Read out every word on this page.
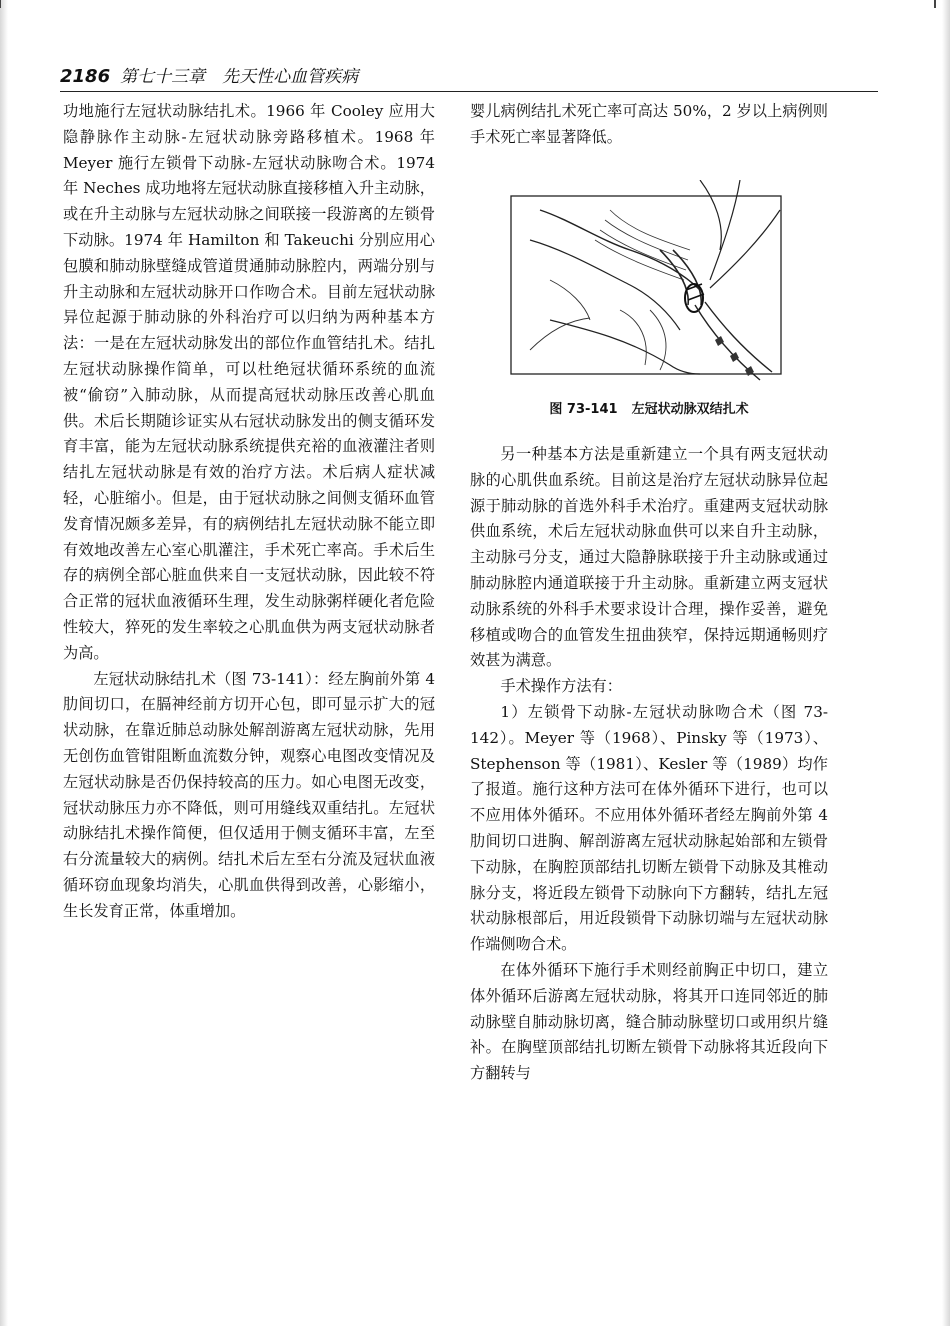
2186 第七十三章　先天性心血管疾病

功地施行左冠状动脉结扎术。1966 年 Cooley 应用大隐静脉作主动脉-左冠状动脉旁路移植术。1968 年 Meyer 施行左锁骨下动脉-左冠状动脉吻合术。1974 年 Neches 成功地将左冠状动脉直接移植入升主动脉，或在升主动脉与左冠状动脉之间联接一段游离的左锁骨下动脉。1974 年 Hamilton 和 Takeuchi 分别应用心包膜和肺动脉壁缝成管道贯通肺动脉腔内，两端分别与升主动脉和左冠状动脉开口作吻合术。目前左冠状动脉异位起源于肺动脉的外科治疗可以归纳为两种基本方法：一是在左冠状动脉发出的部位作血管结扎术。结扎左冠状动脉操作简单，可以杜绝冠状循环系统的血流被“偷窃”入肺动脉，从而提高冠状动脉压改善心肌血供。术后长期随诊证实从右冠状动脉发出的侧支循环发育丰富，能为左冠状动脉系统提供充裕的血液灌注者则结扎左冠状动脉是有效的治疗方法。术后病人症状减轻，心脏缩小。但是，由于冠状动脉之间侧支循环血管发育情况颇多差异，有的病例结扎左冠状动脉不能立即有效地改善左心室心肌灌注，手术死亡率高。手术后生存的病例全部心脏血供来自一支冠状动脉，因此较不符合正常的冠状血液循环生理，发生动脉粥样硬化者危险性较大，猝死的发生率较之心肌血供为两支冠状动脉者为高。

左冠状动脉结扎术（图 73-141）：经左胸前外第 4 肋间切口，在膈神经前方切开心包，即可显示扩大的冠状动脉，在靠近肺总动脉处解剖游离左冠状动脉，先用无创伤血管钳阻断血流数分钟，观察心电图改变情况及左冠状动脉是否仍保持较高的压力。如心电图无改变，冠状动脉压力亦不降低，则可用缝线双重结扎。左冠状动脉结扎术操作简便，但仅适用于侧支循环丰富，左至右分流量较大的病例。结扎术后左至右分流及冠状血液循环窃血现象均消失，心肌血供得到改善，心影缩小，生长发育正常，体重增加。

婴儿病例结扎术死亡率可高达 50%，2 岁以上病例则手术死亡率显著降低。

图 73-141 左冠状动脉双结扎术

另一种基本方法是重新建立一个具有两支冠状动脉的心肌供血系统。目前这是治疗左冠状动脉异位起源于肺动脉的首选外科手术治疗。重建两支冠状动脉供血系统，术后左冠状动脉血供可以来自升主动脉，主动脉弓分支，通过大隐静脉联接于升主动脉或通过肺动脉腔内通道联接于升主动脉。重新建立两支冠状动脉系统的外科手术要求设计合理，操作妥善，避免移植或吻合的血管发生扭曲狭窄，保持远期通畅则疗效甚为满意。

手术操作方法有：

1）左锁骨下动脉-左冠状动脉吻合术（图 73-142）。Meyer 等（1968）、Pinsky 等（1973）、Stephenson 等（1981）、Kesler 等（1989）均作了报道。施行这种方法可在体外循环下进行，也可以不应用体外循环。不应用体外循环者经左胸前外第 4 肋间切口进胸、解剖游离左冠状动脉起始部和左锁骨下动脉，在胸腔顶部结扎切断左锁骨下动脉及其椎动脉分支，将近段左锁骨下动脉向下方翻转，结扎左冠状动脉根部后，用近段锁骨下动脉切端与左冠状动脉作端侧吻合术。

在体外循环下施行手术则经前胸正中切口，建立体外循环后游离左冠状动脉，将其开口连同邻近的肺动脉壁自肺动脉切离，缝合肺动脉壁切口或用织片缝补。在胸壁顶部结扎切断左锁骨下动脉将其近段向下方翻转与
